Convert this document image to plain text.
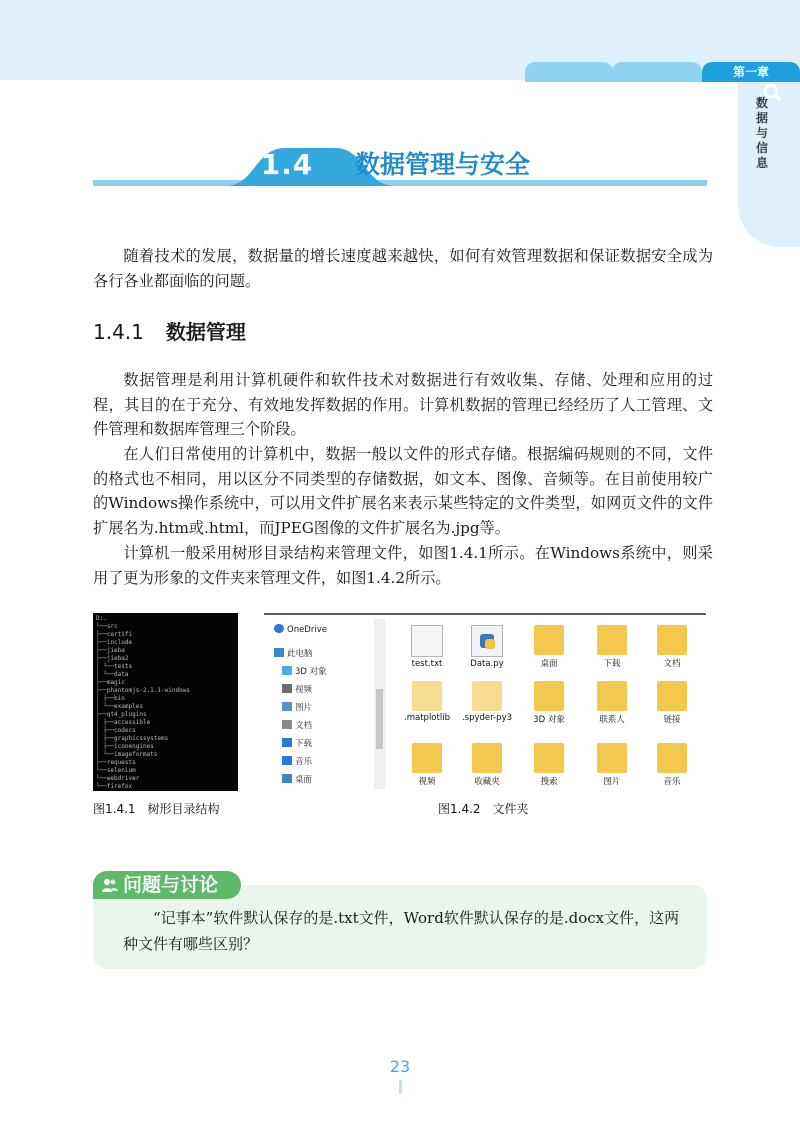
第一章
数据与信息
1.4	数据管理与安全

随着技术的发展，数据量的增长速度越来越快，如何有效管理数据和保证数据安全成为各行各业都面临的问题。

1.4.1 数据管理

数据管理是利用计算机硬件和软件技术对数据进行有效收集、存储、处理和应用的过程，其目的在于充分、有效地发挥数据的作用。计算机数据的管理已经经历了人工管理、文件管理和数据库管理三个阶段。

在人们日常使用的计算机中，数据一般以文件的形式存储。根据编码规则的不同，文件的格式也不相同，用以区分不同类型的存储数据，如文本、图像、音频等。在目前使用较广的Windows操作系统中，可以用文件扩展名来表示某些特定的文件类型，如网页文件的文件扩展名为.htm或.html，而JPEG图像的文件扩展名为.jpg等。

计算机一般采用树形目录结构来管理文件，如图1.4.1所示。在Windows系统中，则采用了更为形象的文件夹来管理文件，如图1.4.2所示。

D:.
└──src
├──certifi
├──include
├──jieba
├──jieba2
│ └──tests
│ └──data
├──magic
├──phantomjs-2.1.1-windows
│ ├──bin
│ └──examples
├──qt4_plugins
│ ├──accessible
│ ├──codecs
│ ├──graphicssystems
│ ├──iconengines
│ └──imageformats
├──requests
└──selenium
└──webdriver
└──firefox
OneDrive
此电脑
3D 对象
视频
图片
文档
下载
音乐
桌面
test.txt	Data.py	桌面	下载	文档
.matplotlib	.spyder-py3	3D 对象	联系人	链接
视频	收藏夹	搜索	图片	音乐
图1.4.1　树形目录结构	图1.4.2　文件夹
问题与讨论

“记事本”软件默认保存的是.txt文件，Word软件默认保存的是.docx文件，这两种文件有哪些区别？

23
